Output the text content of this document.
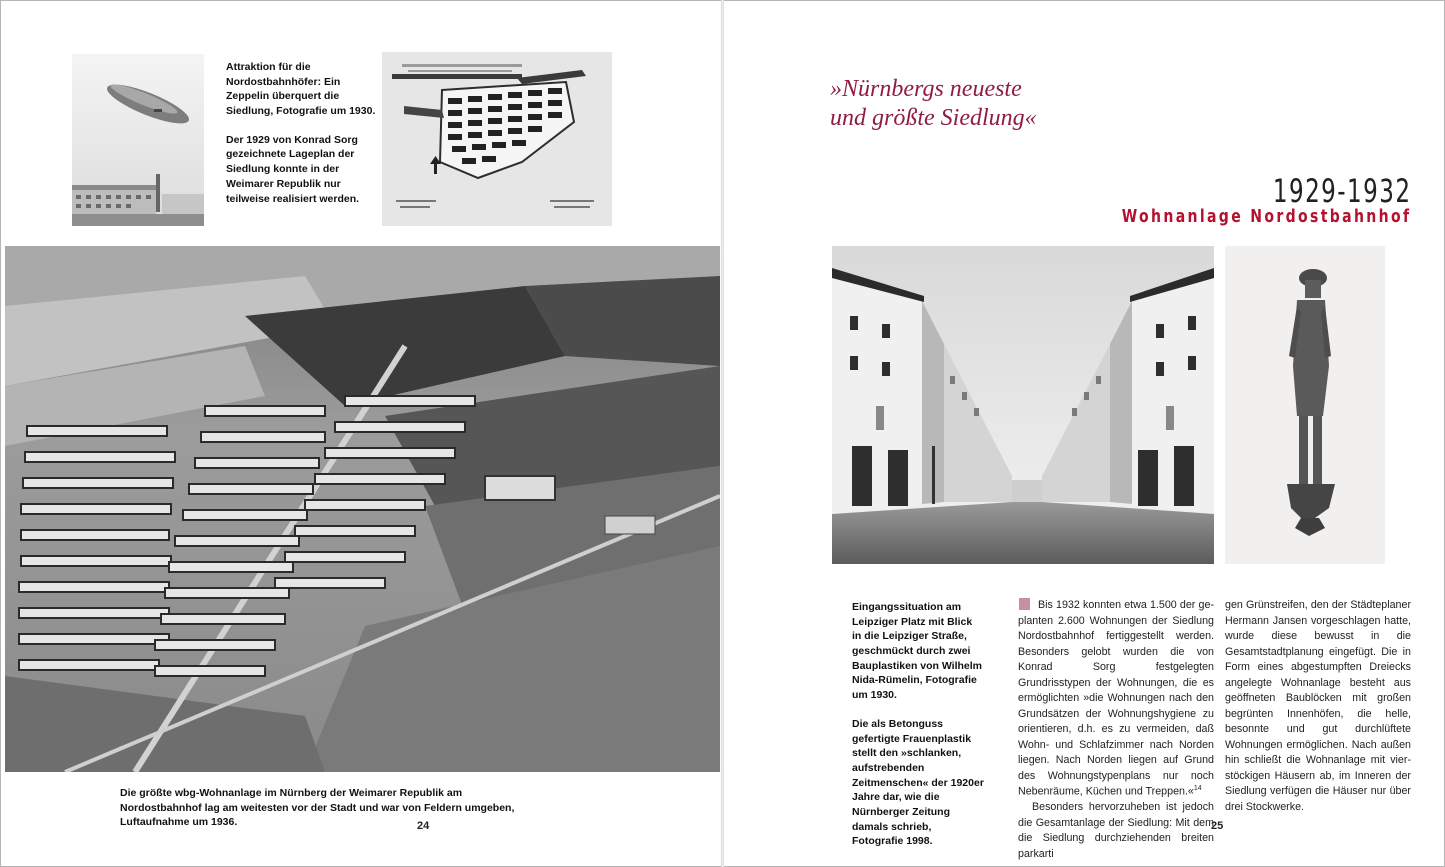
Attraktion für die Nordostbahnhöfer: Ein Zeppelin überquert die Siedlung, Fotografie um 1930.

Der 1929 von Konrad Sorg gezeichnete Lageplan der Siedlung konnte in der Weimarer Republik nur teilweise realisiert werden.

Die größte wbg-Wohnanlage im Nürnberg der Weimarer Republik am Nordostbahnhof lag am weitesten vor der Stadt und war von Feldern umgeben, Luftaufnahme um 1936.	24
»Nürnbergs neueste
und größte Siedlung«
1929-1932
Wohnanlage Nordostbahnhof

Eingangssituation am Leipziger Platz mit Blick in die Leipziger Straße, geschmückt durch zwei Bauplastiken von Wilhelm Nida-Rümelin, Fotografie um 1930.

Die als Betonguss gefertigte Frauenplastik stellt den »schlanken, aufstrebenden Zeitmenschen« der 1920er Jahre dar, wie die Nürnberger Zeitung damals schrieb, Fotografie 1998.

Bis 1932 konnten etwa 1.500 der geplanten 2.600 Wohnungen der Siedlung Nordostbahnhof fertiggestellt werden. Besonders gelobt wurden die von Konrad Sorg festgelegten Grundrisstypen der Wohnungen, die es ermöglichten »die Wohnungen nach den Grundsätzen der Wohnungshygiene zu orientieren, d.h. es zu vermeiden, daß Wohn- und Schlafzimmer nach Norden liegen. Nach Norden liegen auf Grund des Wohnungstypenplans nur noch Nebenräume, Küchen und Treppen.«$^{14}$

Besonders hervorzuheben ist jedoch die Gesamtanlage der Siedlung: Mit dem die Siedlung durchziehenden breiten parkarti

gen Grünstreifen, den der Städteplaner Hermann Jansen vorgeschlagen hatte, wurde diese bewusst in die Gesamtstadtplanung eingefügt. Die in Form eines abgestumpften Dreiecks angelegte Wohnanlage besteht aus geöffneten Baublöcken mit großen begrünten Innenhöfen, die helle, besonnte und gut durchlüftete Wohnungen ermöglichen. Nach außen hin schließt die Wohnanlage mit vierstöckigen Häusern ab, im Inneren der Siedlung verfügen die Häuser nur über drei Stockwerke.
25
